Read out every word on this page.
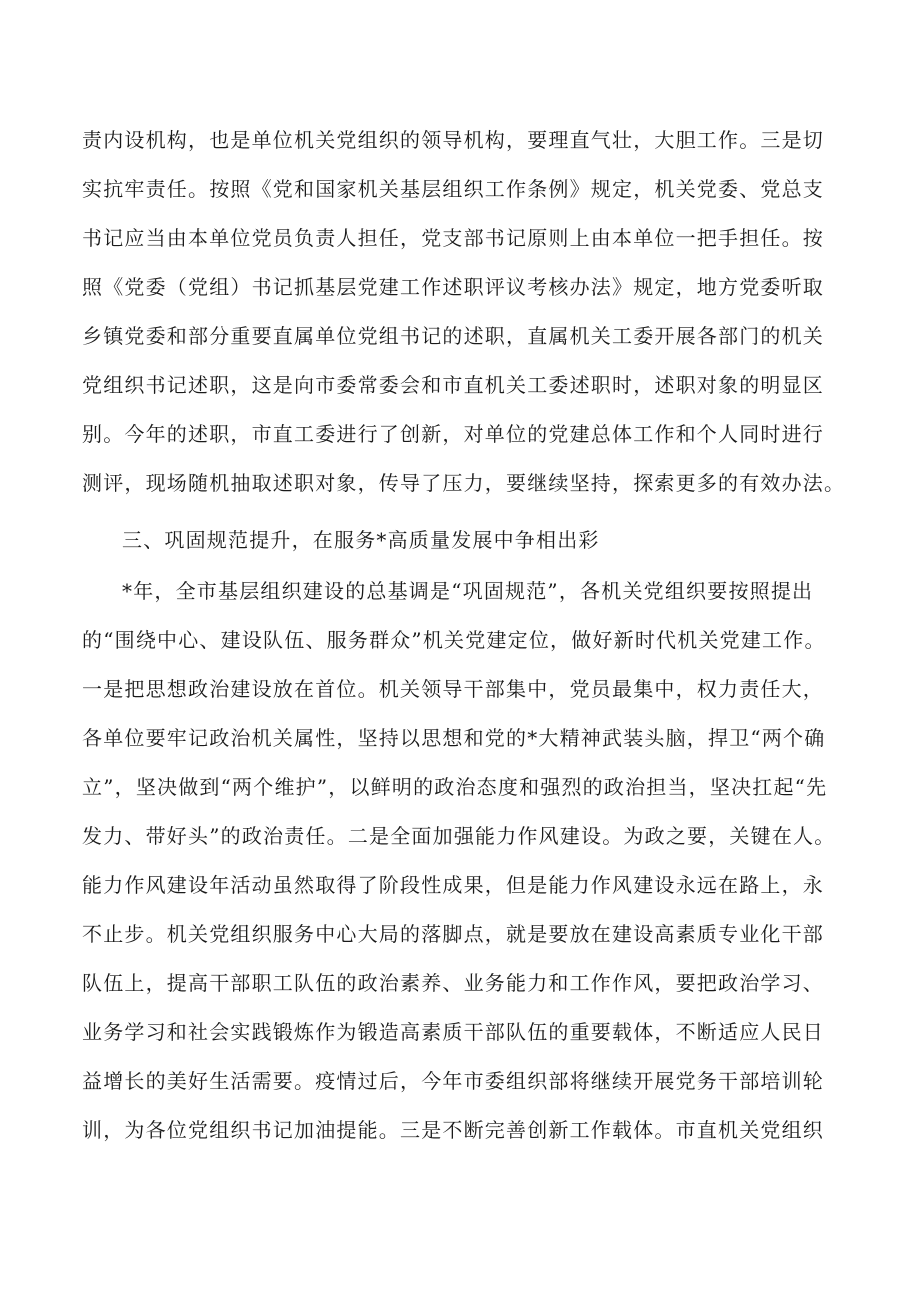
责内设机构，也是单位机关党组织的领导机构，要理直气壮，大胆工作。三是切
实抗牢责任。按照《党和国家机关基层组织工作条例》规定，机关党委、党总支
书记应当由本单位党员负责人担任，党支部书记原则上由本单位一把手担任。按
照《党委（党组）书记抓基层党建工作述职评议考核办法》规定，地方党委听取
乡镇党委和部分重要直属单位党组书记的述职，直属机关工委开展各部门的机关
党组织书记述职，这是向市委常委会和市直机关工委述职时，述职对象的明显区
别。今年的述职，市直工委进行了创新，对单位的党建总体工作和个人同时进行
测评，现场随机抽取述职对象，传导了压力，要继续坚持，探索更多的有效办法。
三、巩固规范提升，在服务*高质量发展中争相出彩
*年，全市基层组织建设的总基调是“巩固规范”，各机关党组织要按照提出
的“围绕中心、建设队伍、服务群众”机关党建定位，做好新时代机关党建工作。
一是把思想政治建设放在首位。机关领导干部集中，党员最集中，权力责任大，
各单位要牢记政治机关属性，坚持以思想和党的*大精神武装头脑，捍卫“两个确
立”，坚决做到“两个维护”，以鲜明的政治态度和强烈的政治担当，坚决扛起“先
发力、带好头”的政治责任。二是全面加强能力作风建设。为政之要，关键在人。
能力作风建设年活动虽然取得了阶段性成果，但是能力作风建设永远在路上，永
不止步。机关党组织服务中心大局的落脚点，就是要放在建设高素质专业化干部
队伍上，提高干部职工队伍的政治素养、业务能力和工作作风，要把政治学习、
业务学习和社会实践锻炼作为锻造高素质干部队伍的重要载体，不断适应人民日
益增长的美好生活需要。疫情过后，今年市委组织部将继续开展党务干部培训轮
训，为各位党组织书记加油提能。三是不断完善创新工作载体。市直机关党组织
